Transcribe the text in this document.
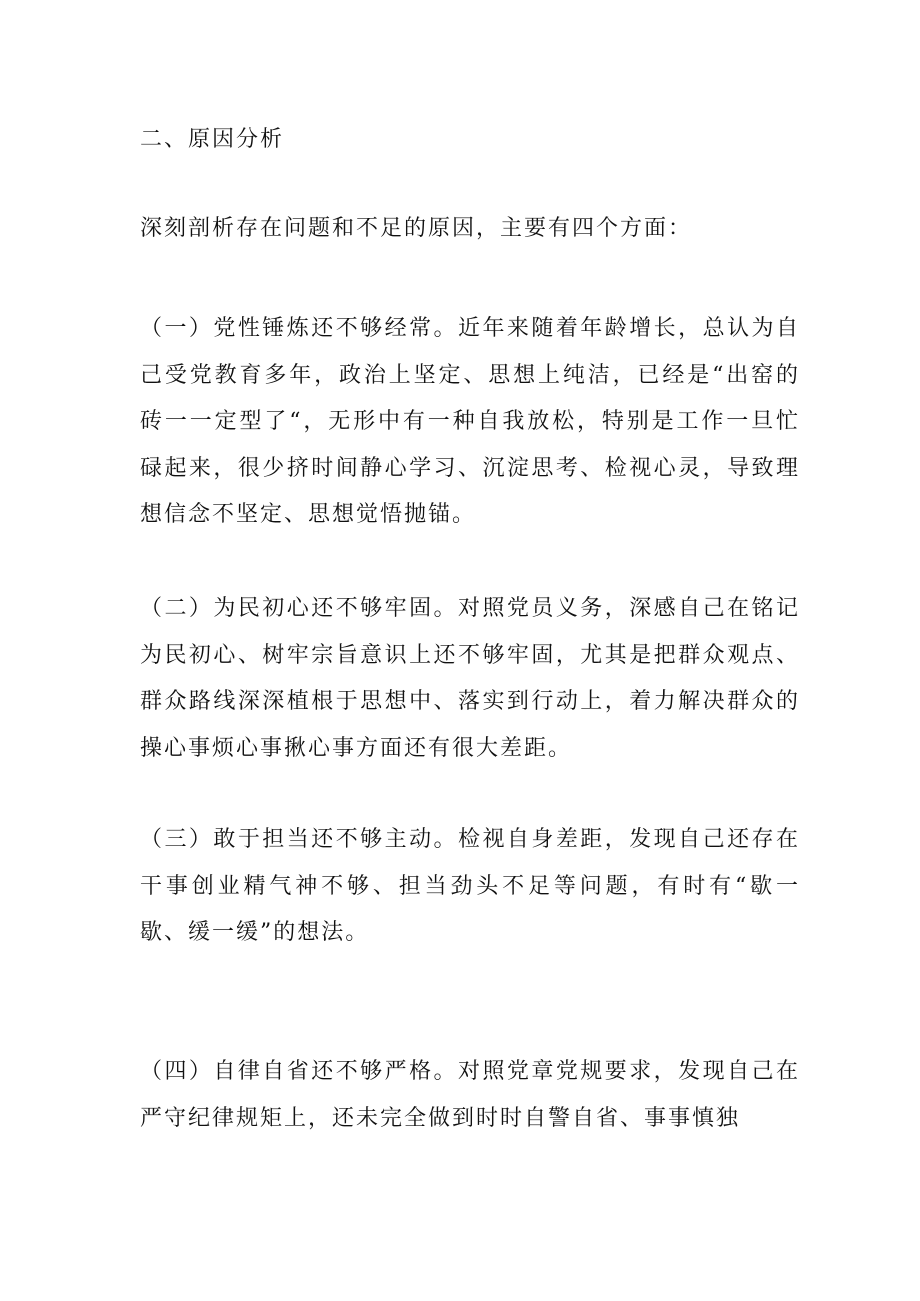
二、原因分析

深刻剖析存在问题和不足的原因，主要有四个方面：

（一）党性锤炼还不够经常。近年来随着年龄增长，总认为自己受党教育多年，政治上坚定、思想上纯洁，已经是“出窑的砖一一定型了“，无形中有一种自我放松，特别是工作一旦忙碌起来，很少挤时间静心学习、沉淀思考、检视心灵，导致理想信念不坚定、思想觉悟抛锚。

（二）为民初心还不够牢固。对照党员义务，深感自己在铭记为民初心、树牢宗旨意识上还不够牢固，尤其是把群众观点、群众路线深深植根于思想中、落实到行动上，着力解决群众的操心事烦心事揪心事方面还有很大差距。

（三）敢于担当还不够主动。检视自身差距，发现自己还存在干事创业精气神不够、担当劲头不足等问题，有时有“歇一歇、缓一缓”的想法。

（四）自律自省还不够严格。对照党章党规要求，发现自己在严守纪律规矩上，还未完全做到时时自警自省、事事慎独
